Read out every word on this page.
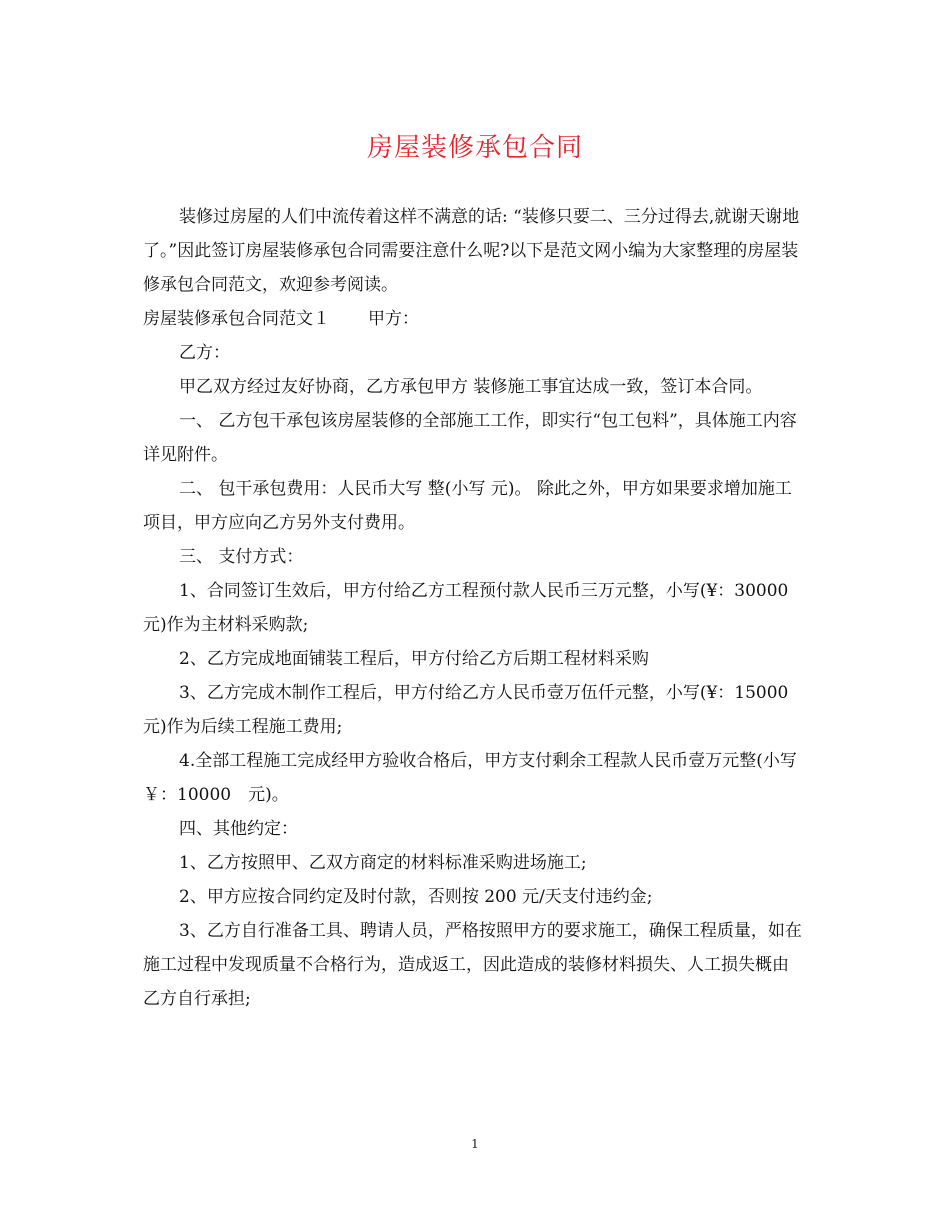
房屋装修承包合同

装修过房屋的人们中流传着这样不满意的话: “装修只要二、三分过得去,就谢天谢地了。”因此签订房屋装修承包合同需要注意什么呢?以下是范文网小编为大家整理的房屋装修承包合同范文，欢迎参考阅读。

房屋装修承包合同范文１ 甲方：

乙方：

甲乙双方经过友好协商，乙方承包甲方 装修施工事宜达成一致，签订本合同。

一、 乙方包干承包该房屋装修的全部施工工作，即实行“包工包料”，具体施工内容详见附件。

二、 包干承包费用：人民币大写 整(小写 元)。 除此之外，甲方如果要求增加施工项目，甲方应向乙方另外支付费用。

三、 支付方式：

1、合同签订生效后，甲方付给乙方工程预付款人民币三万元整，小写(¥：30000 元)作为主材料采购款;

2、乙方完成地面铺装工程后，甲方付给乙方后期工程材料采购

3、乙方完成木制作工程后，甲方付给乙方人民币壹万伍仟元整，小写(¥：15000 元)作为后续工程施工费用;

4.全部工程施工完成经甲方验收合格后，甲方支付剩余工程款人民币壹万元整(小写￥：10000　元)。

四、其他约定：

1、乙方按照甲、乙双方商定的材料标准采购进场施工;

2、甲方应按合同约定及时付款，否则按 200 元/天支付违约金;

3、乙方自行准备工具、聘请人员，严格按照甲方的要求施工，确保工程质量，如在施工过程中发现质量不合格行为，造成返工，因此造成的装修材料损失、人工损失概由乙方自行承担;

1
